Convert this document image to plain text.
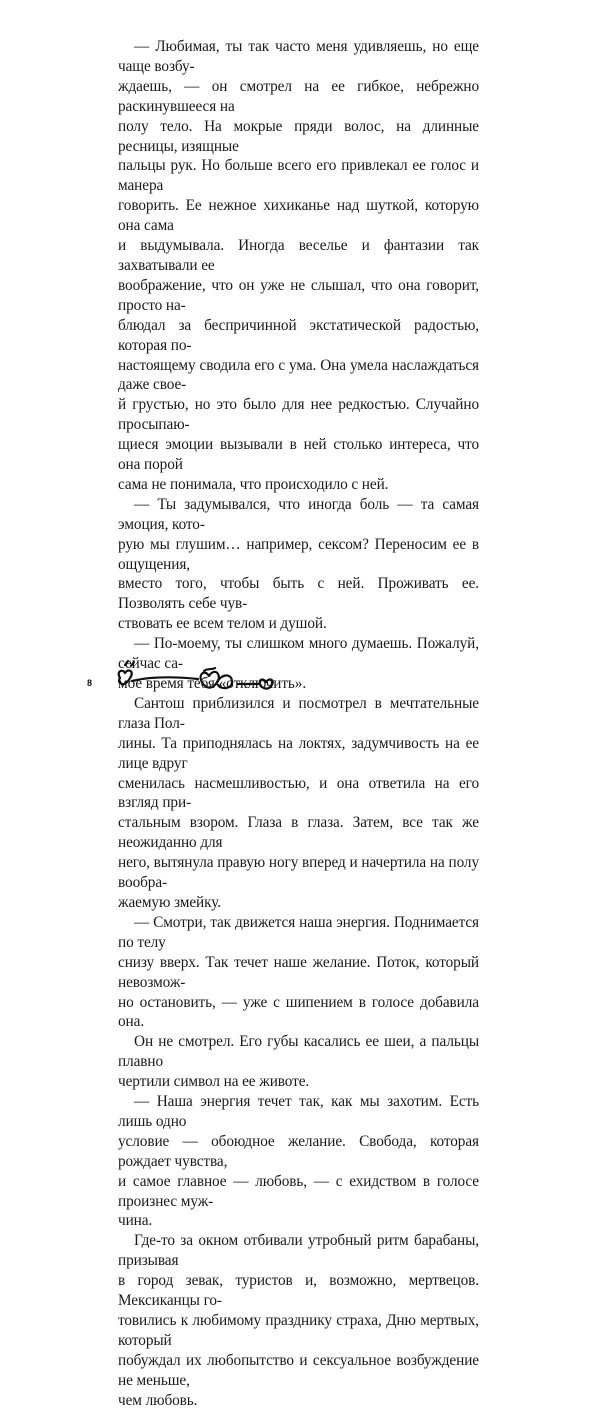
— Любимая, ты так часто меня удивляешь, но еще чаще возбу-
ждаешь, — он смотрел на ее гибкое, небрежно раскинувшееся на
полу тело. На мокрые пряди волос, на длинные ресницы, изящные
пальцы рук. Но больше всего его привлекал ее голос и манера
говорить. Ее нежное хихиканье над шуткой, которую она сама
и выдумывала. Иногда веселье и фантазии так захватывали ее
воображение, что он уже не слышал, что она говорит, просто на-
блюдал за беспричинной экстатической радостью, которая по-
настоящему сводила его с ума. Она умела наслаждаться даже свое-
й грустью, но это было для нее редкостью. Случайно просыпаю-
щиеся эмоции вызывали в ней столько интереса, что она порой
сама не понимала, что происходило с ней.

— Ты задумывался, что иногда боль — та самая эмоция, кото-
рую мы глушим… например, сексом? Переносим ее в ощущения,
вместо того, чтобы быть с ней. Проживать ее. Позволять себе чув-
ствовать ее всем телом и душой.

— По-моему, ты слишком много думаешь. Пожалуй, сейчас са-
мое время тебя «отключить».

Сантош приблизился и посмотрел в мечтательные глаза Пол-
лины. Та приподнялась на локтях, задумчивость на ее лице вдруг
сменилась насмешливостью, и она ответила на его взгляд при-
стальным взором. Глаза в глаза. Затем, все так же неожиданно для
него, вытянула правую ногу вперед и начертила на полу вообра-
жаемую змейку.

— Смотри, так движется наша энергия. Поднимается по телу
снизу вверх. Так течет наше желание. Поток, который невозмож-
но остановить, — уже с шипением в голосе добавила она.

Он не смотрел. Его губы касались ее шеи, а пальцы плавно
чертили символ на ее животе.

— Наша энергия течет так, как мы захотим. Есть лишь одно
условие — обоюдное желание. Свобода, которая рождает чувства,
и самое главное — любовь, — с ехидством в голосе произнес муж-
чина.

Где-то за окном отбивали утробный ритм барабаны, призывая
в город зевак, туристов и, возможно, мертвецов. Мексиканцы го-
товились к любимому празднику страха, Дню мертвых, который
побуждал их любопытство и сексуальное возбуждение не меньше,
чем любовь.

8
